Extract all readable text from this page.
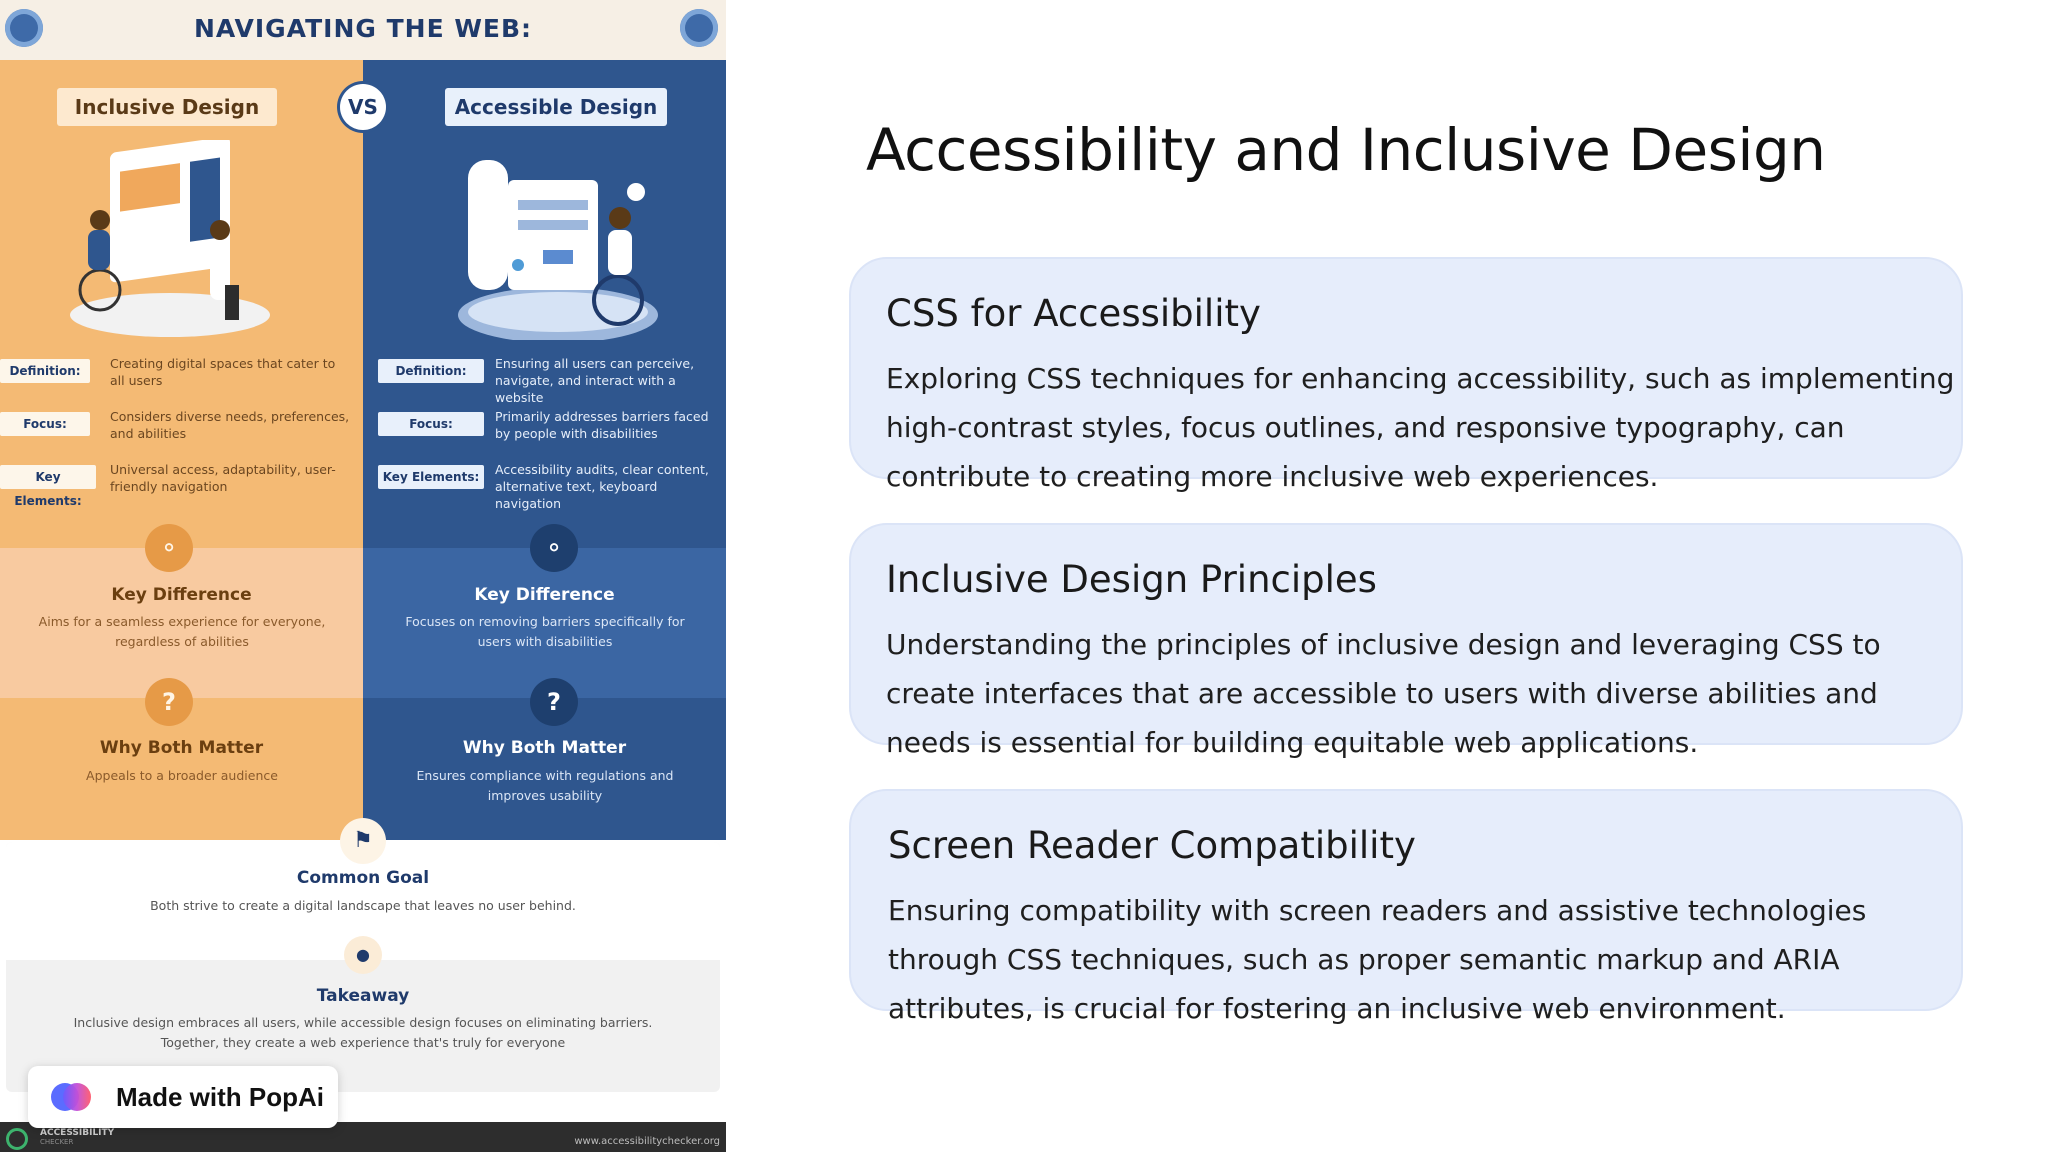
NAVIGATING THE WEB:
Inclusive Design	Accessible Design
VS
Definition:	Creating digital spaces that cater to all users
Focus:	Considers diverse needs, preferences, and abilities
Key Elements:
Universal access, adaptability, user-friendly navigation
Definition:	Ensuring all users can perceive, navigate, and interact with a website
Focus:	Primarily addresses barriers faced by people with disabilities
Key Elements:	Accessibility audits, clear content, alternative text, keyboard navigation
⚬	⚬
Key Difference	Key Difference
Aims for a seamless experience for everyone, regardless of abilities
Focuses on removing barriers specifically for users with disabilities
?	?
Why Both Matter	Why Both Matter
Appeals to a broader audience	Ensures compliance with regulations and improves usability
⚑
Common Goal
Both strive to create a digital landscape that leaves no user behind.
●
Takeaway
Inclusive design embraces all users, while accessible design focuses on eliminating barriers.
Together, they create a web experience that's truly for everyone
ACCESSIBILITY
CHECKER	www.accessibilitychecker.org
Made with PopAi
Accessibility and Inclusive Design
CSS for Accessibility
Exploring CSS techniques for enhancing accessibility, such as implementing high-contrast styles, focus outlines, and responsive typography, can contribute to creating more inclusive web experiences.
Inclusive Design Principles
Understanding the principles of inclusive design and leveraging CSS to create interfaces that are accessible to users with diverse abilities and needs is essential for building equitable web applications.
Screen Reader Compatibility
Ensuring compatibility with screen readers and assistive technologies through CSS techniques, such as proper semantic markup and ARIA attributes, is crucial for fostering an inclusive web environment.
